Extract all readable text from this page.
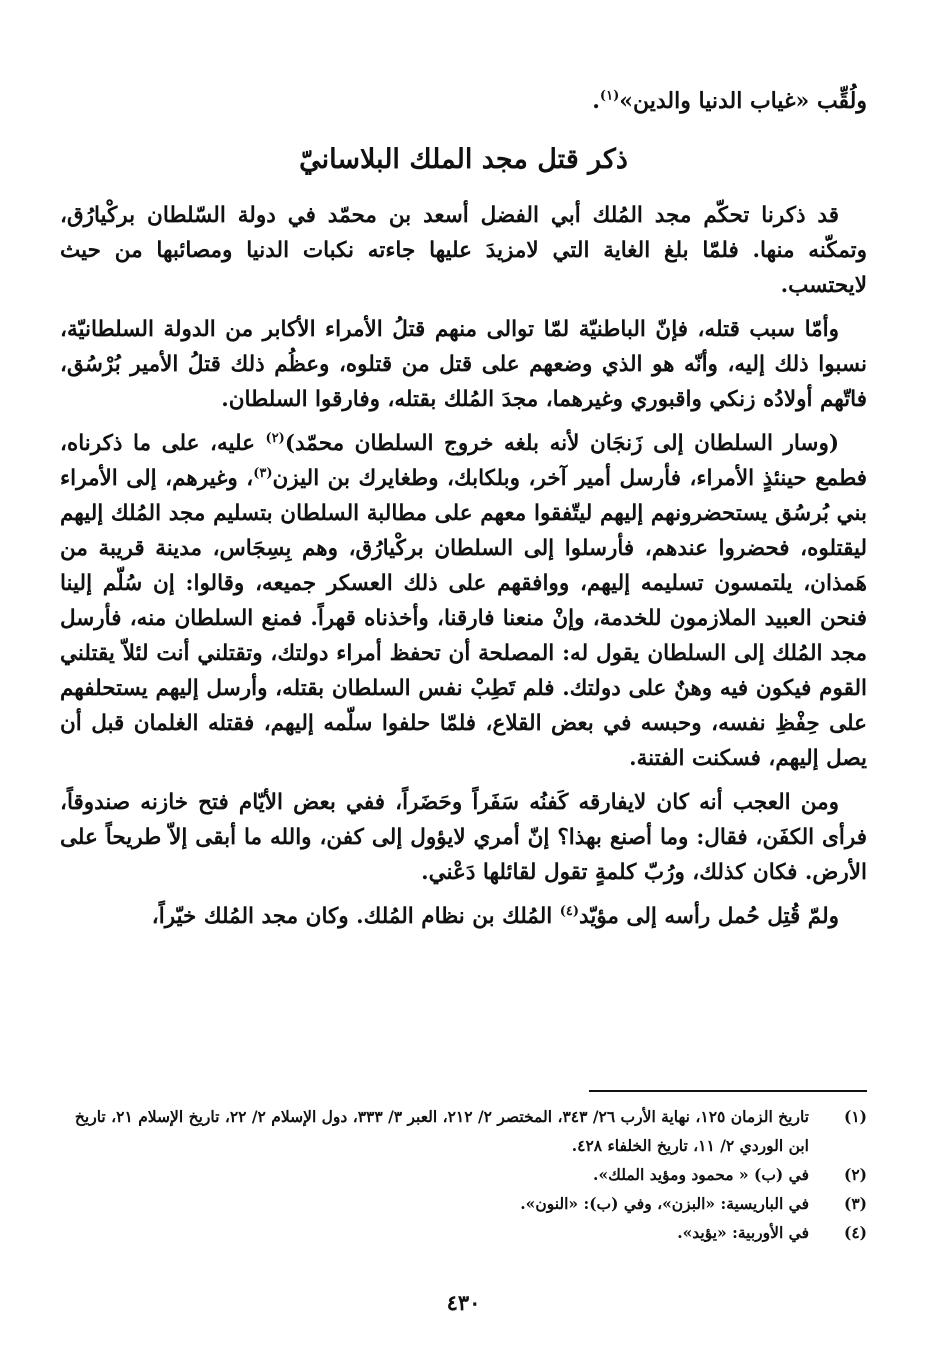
ولُقِّب «غياب الدنيا والدين»$^{(١)}$.
ذكر قتل مجد الملك البلاسانيّ

قد ذكرنا تحكّم مجد المُلك أبي الفضل أسعد بن محمّد في دولة السّلطان بركْيارُق، وتمكّنه منها. فلمّا بلغ الغاية التي لامزيدَ عليها جاءته نكبات الدنيا ومصائبها من حيث لايحتسب.

وأمّا سبب قتله، فإنّ الباطنيّة لمّا توالى منهم قتلُ الأمراء الأكابر من الدولة السلطانيّة، نسبوا ذلك إليه، وأنّه هو الذي وضعهم على قتل من قتلوه، وعظُم ذلك قتلُ الأمير بُرْسُق، فاتّهم أولادُه زنكي واقبوري وغيرهما، مجدَ المُلك بقتله، وفارقوا السلطان.

(وسار السلطان إلى زَنجَان لأنه بلغه خروج السلطان محمّد)$^{(٢)}$ عليه، على ما ذكرناه، فطمع حينئذٍ الأمراء، فأرسل أمير آخر، وبلكابك، وطغايرك بن اليزن$^{(٣)}$، وغيرهم، إلى الأمراء بني بُرسُق يستحضرونهم إليهم ليتّفقوا معهم على مطالبة السلطان بتسليم مجد المُلك إليهم ليقتلوه، فحضروا عندهم، فأرسلوا إلى السلطان بركْيارُق، وهم بِسِجَاس، مدينة قريبة من هَمذان، يلتمسون تسليمه إليهم، ووافقهم على ذلك العسكر جميعه، وقالوا: إن سُلّم إلينا فنحن العبيد الملازمون للخدمة، وإنْ منعنا فارقنا، وأخذناه قهراً. فمنع السلطان منه، فأرسل مجد المُلك إلى السلطان يقول له: المصلحة أن تحفظ أمراء دولتك، وتقتلني أنت لئلاّ يقتلني القوم فيكون فيه وهنٌ على دولتك. فلم تَطِبْ نفس السلطان بقتله، وأرسل إليهم يستحلفهم على حِفْظِ نفسه، وحبسه في بعض القلاع، فلمّا حلفوا سلّمه إليهم، فقتله الغلمان قبل أن يصل إليهم، فسكنت الفتنة.

ومن العجب أنه كان لايفارقه كَفنُه سَفَراً وحَضَراً، ففي بعض الأيّام فتح خازنه صندوقاً، فرأى الكفَن، فقال: وما أصنع بهذا؟ إنّ أمري لايؤول إلى كفن، والله ما أبقى إلاّ طريحاً على الأرض. فكان كذلك، ورُبّ كلمةٍ تقول لقائلها دَعْني.

ولمّ قُتِل حُمل رأسه إلى مؤيّد$^{(٤)}$ المُلك بن نظام المُلك. وكان مجد المُلك خيّراً،

(١)
تاريخ الزمان ١٢٥، نهاية الأرب ٢٦/ ٣٤٣، المختصر ٢/ ٢١٢، العبر ٣/ ٣٣٣، دول الإسلام ٢/ ٢٢، تاريخ الإسلام ٢١، تاريخ ابن الوردي ٢/ ١١، تاريخ الخلفاء ٤٢٨.
(٢)
في (ب) « محمود ومؤيد الملك».
(٣)
في الباريسية: «البزن»، وفي (ب): «النون».
(٤)
في الأوربية: «يؤيد».
٤٣٠
